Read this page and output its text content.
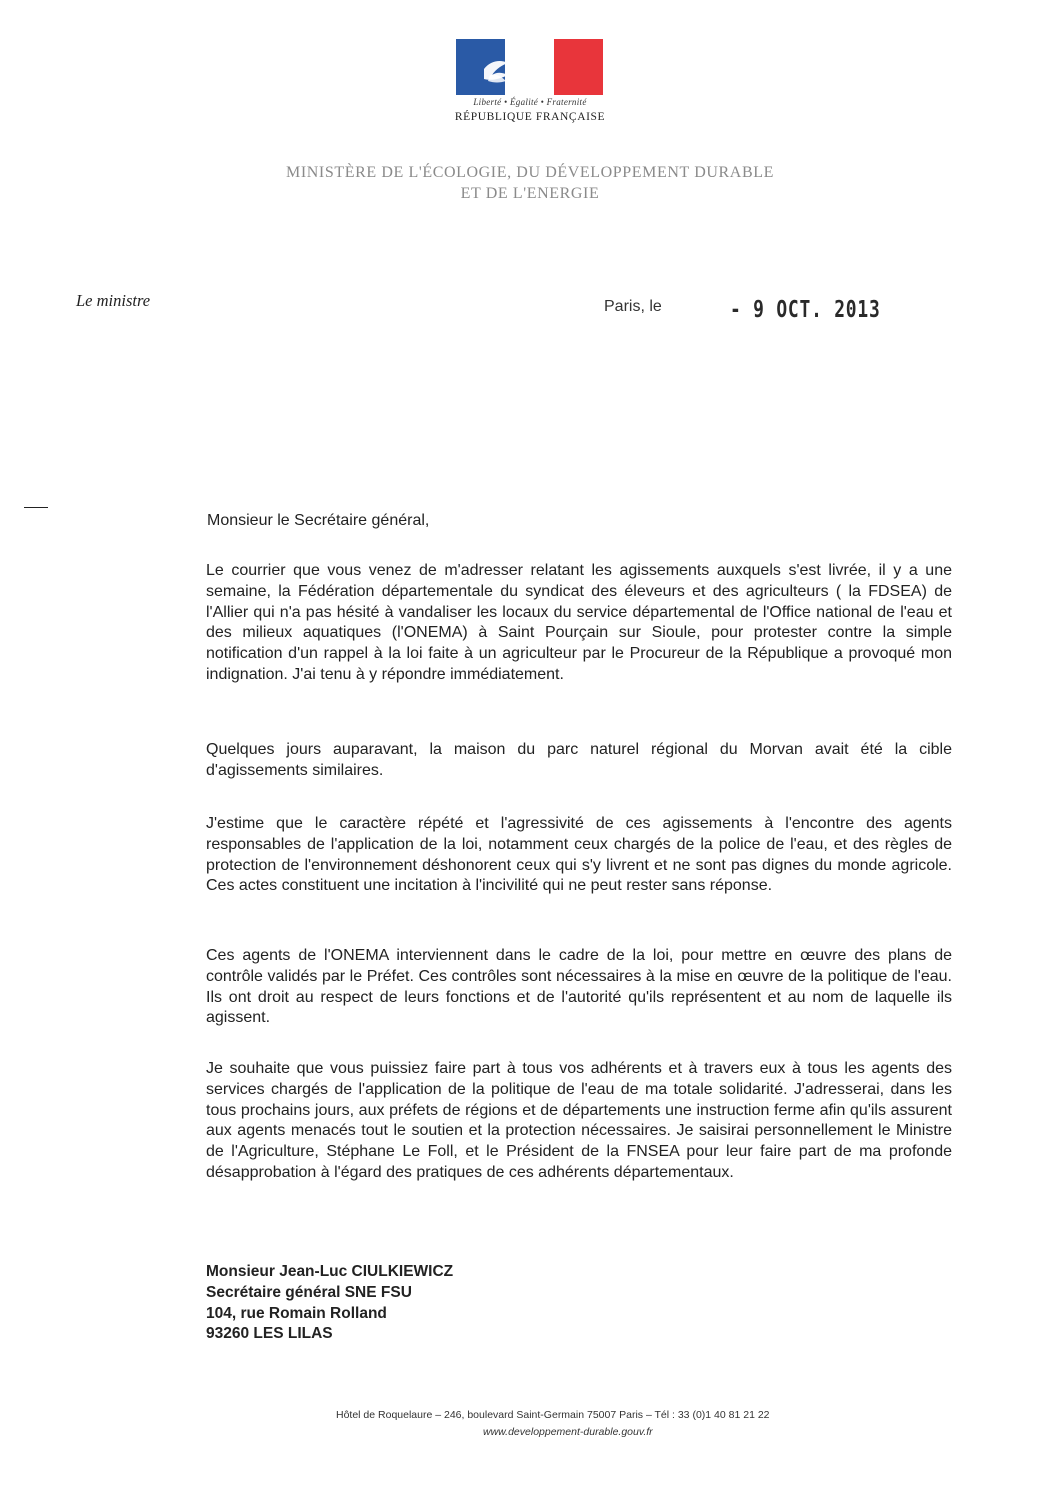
Liberté • Égalité • Fraternité
RÉPUBLIQUE FRANÇAISE
MINISTÈRE DE L'ÉCOLOGIE, DU DÉVELOPPEMENT DURABLE
ET DE L'ENERGIE
Le ministre	Paris, le	- 9 OCT. 2013
Monsieur le Secrétaire général,

Le courrier que vous venez de m'adresser relatant les agissements auxquels s'est livrée, il y a une semaine, la Fédération départementale du syndicat des éleveurs et des agriculteurs ( la FDSEA) de l'Allier qui n'a pas hésité à vandaliser les locaux du service départemental de l'Office national de l'eau et des milieux aquatiques (l'ONEMA) à Saint Pourçain sur Sioule, pour protester contre la simple notification d'un rappel à la loi faite à un agriculteur par le Procureur de la République a provoqué mon indignation. J'ai tenu à y répondre immédiatement.

Quelques jours auparavant, la maison du parc naturel régional du Morvan avait été la cible d'agissements similaires.

J'estime que le caractère répété et l'agressivité de ces agissements à l'encontre des agents responsables de l'application de la loi, notamment ceux chargés de la police de l'eau, et des règles de protection de l'environnement déshonorent ceux qui s'y livrent et ne sont pas dignes du monde agricole. Ces actes constituent une incitation à l'incivilité qui ne peut rester sans réponse.

Ces agents de l'ONEMA interviennent dans le cadre de la loi, pour mettre en œuvre des plans de contrôle validés par le Préfet. Ces contrôles sont nécessaires à la mise en œuvre de la politique de l'eau. Ils ont droit au respect de leurs fonctions et de l'autorité qu'ils représentent et au nom de laquelle ils agissent.

Je souhaite que vous puissiez faire part à tous vos adhérents et à travers eux à tous les agents des services chargés de l'application de la politique de l'eau de ma totale solidarité. J'adresserai, dans les tous prochains jours, aux préfets de régions et de départements une instruction ferme afin qu'ils assurent aux agents menacés tout le soutien et la protection nécessaires. Je saisirai personnellement le Ministre de l'Agriculture, Stéphane Le Foll, et le Président de la FNSEA pour leur faire part de ma profonde désapprobation à l'égard des pratiques de ces adhérents départementaux.

Monsieur Jean-Luc CIULKIEWICZ
Secrétaire général SNE FSU
104, rue Romain Rolland
93260 LES LILAS
Hôtel de Roquelaure – 246, boulevard Saint-Germain 75007 Paris – Tél : 33 (0)1 40 81 21 22
www.developpement-durable.gouv.fr
